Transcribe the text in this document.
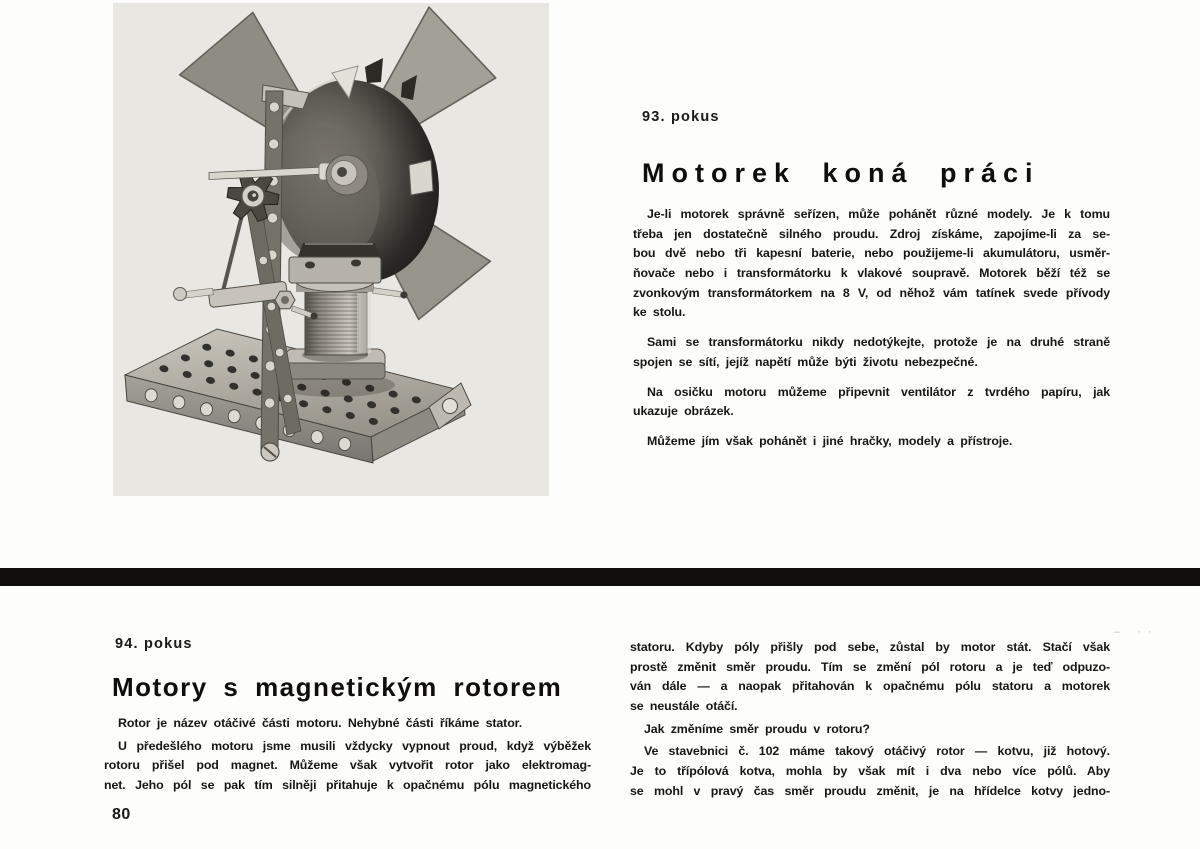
93. pokus
Motorek koná práci

Je-li motorek správně seřízen, může pohánět různé modely. Je k tomu
třeba jen dostatečně silného proudu. Zdroj získáme, zapojíme-li za se-
bou dvě nebo tři kapesní baterie, nebo použijeme-li akumulátoru, usměr-
ňovače nebo i transformátorku k vlakové soupravě. Motorek běží též se
zvonkovým transformátorkem na 8 V, od něhož vám tatínek svede přívody
ke stolu.

Sami se transformátorku nikdy nedotýkejte, protože je na druhé straně
spojen se sítí, jejíž napětí může býti životu nebezpečné.

Na osičku motoru můžeme připevnit ventilátor z tvrdého papíru, jak
ukazuje obrázek.

Můžeme jím však pohánět i jiné hračky, modely a přístroje.

94. pokus
Motory s magnetickým rotorem

Rotor je název otáčivé části motoru. Nehybné části říkáme stator.

U předešlého motoru jsme musili vždycky vypnout proud, když výběžek
rotoru přišel pod magnet. Můžeme však vytvořit rotor jako elektromag-
net. Jeho pól se pak tím silněji přitahuje k opačnému pólu magnetického

statoru. Kdyby póly přišly pod sebe, zůstal by motor stát. Stačí však
prostě změnit směr proudu. Tím se změní pól rotoru a je teď odpuzo-
ván dále — a naopak přitahován k opačnému pólu statoru a motorek
se neustále otáčí.

Jak změníme směr proudu v rotoru?

Ve stavebnici č. 102 máme takový otáčivý rotor — kotvu, již hotový.
Je to třípólová kotva, mohla by však mít i dva nebo více pólů. Aby
se mohl v pravý čas směr proudu změnit, je na hřídelce kotvy jedno-

80
– ··
